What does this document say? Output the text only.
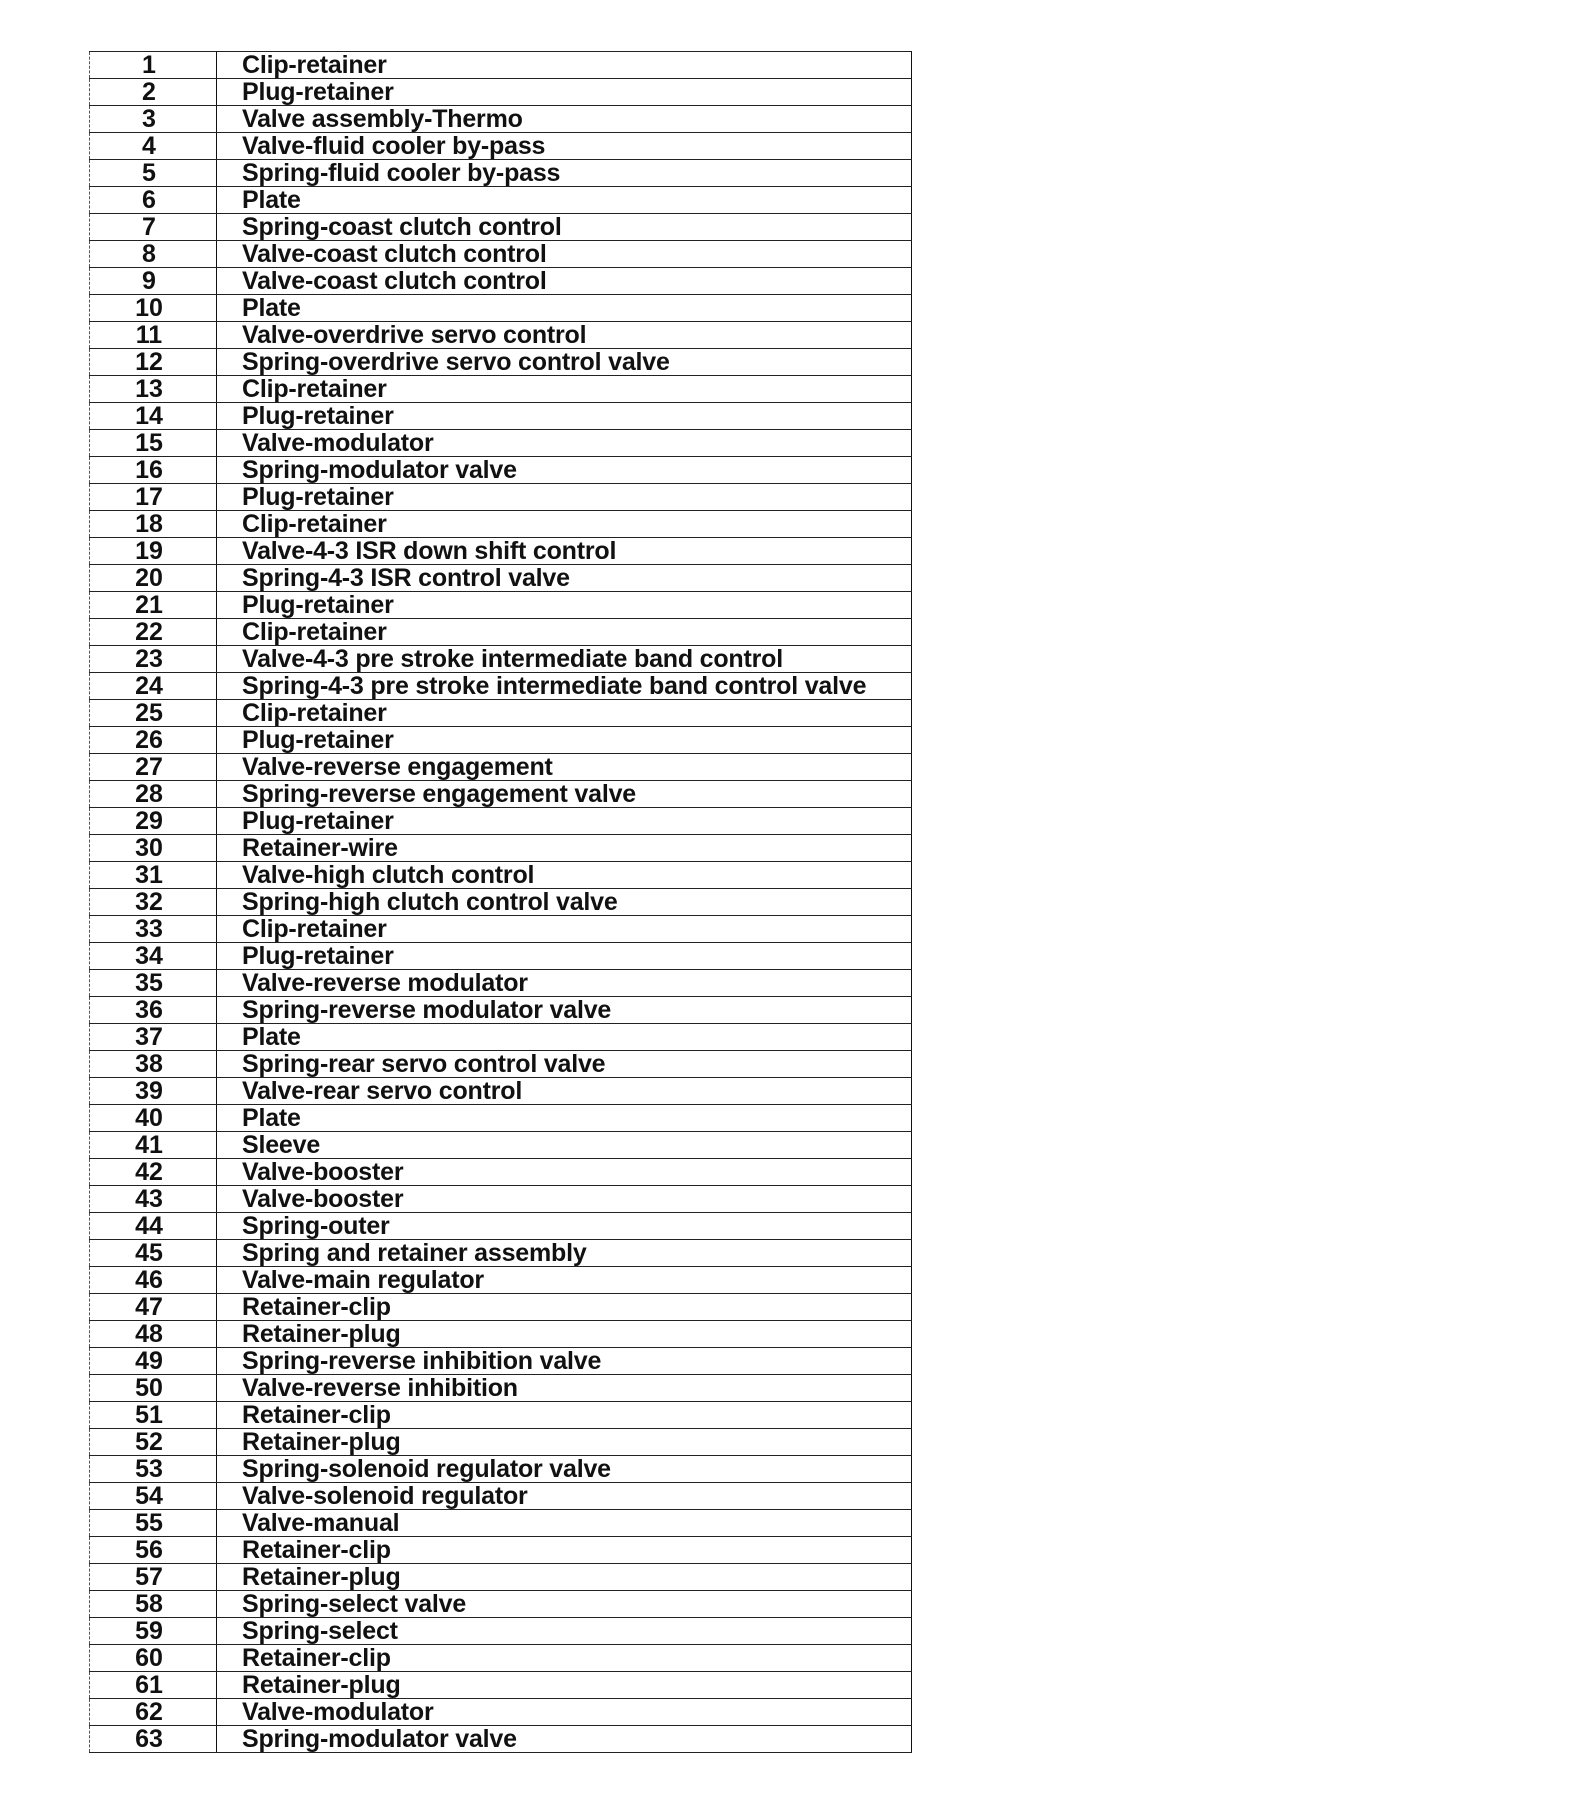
1	Clip-retainer
2	Plug-retainer
3	Valve assembly-Thermo
4	Valve-fluid cooler by-pass
5	Spring-fluid cooler by-pass
6	Plate
7	Spring-coast clutch control
8	Valve-coast clutch control
9	Valve-coast clutch control
10	Plate
11	Valve-overdrive servo control
12	Spring-overdrive servo control valve
13	Clip-retainer
14	Plug-retainer
15	Valve-modulator
16	Spring-modulator valve
17	Plug-retainer
18	Clip-retainer
19	Valve-4-3 ISR down shift control
20	Spring-4-3 ISR control valve
21	Plug-retainer
22	Clip-retainer
23	Valve-4-3 pre stroke intermediate band control
24	Spring-4-3 pre stroke intermediate band control valve
25	Clip-retainer
26	Plug-retainer
27	Valve-reverse engagement
28	Spring-reverse engagement valve
29	Plug-retainer
30	Retainer-wire
31	Valve-high clutch control
32	Spring-high clutch control valve
33	Clip-retainer
34	Plug-retainer
35	Valve-reverse modulator
36	Spring-reverse modulator valve
37	Plate
38	Spring-rear servo control valve
39	Valve-rear servo control
40	Plate
41	Sleeve
42	Valve-booster
43	Valve-booster
44	Spring-outer
45	Spring and retainer assembly
46	Valve-main regulator
47	Retainer-clip
48	Retainer-plug
49	Spring-reverse inhibition valve
50	Valve-reverse inhibition
51	Retainer-clip
52	Retainer-plug
53	Spring-solenoid regulator valve
54	Valve-solenoid regulator
55	Valve-manual
56	Retainer-clip
57	Retainer-plug
58	Spring-select valve
59	Spring-select
60	Retainer-clip
61	Retainer-plug
62	Valve-modulator
63	Spring-modulator valve
